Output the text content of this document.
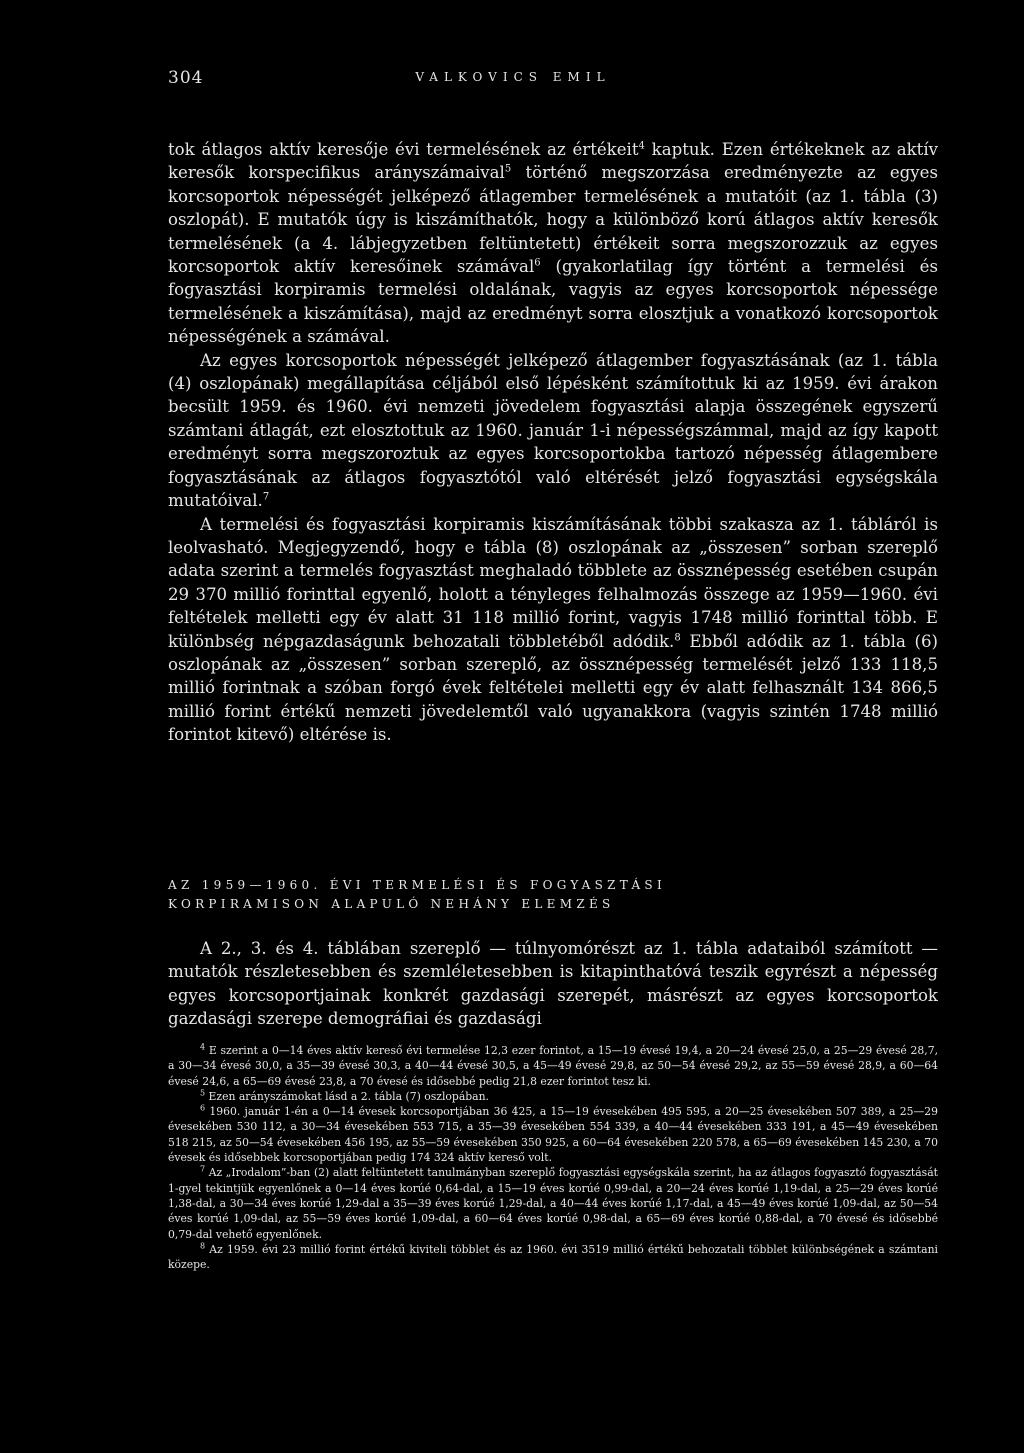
304	VALKOVICS EMIL

tok átlagos aktív keresője évi termelésének az értékeit$^4$ kaptuk. Ezen értékeknek az aktív keresők korspecifikus arányszámaival$^5$ történő megszorzása eredményezte az egyes korcsoportok népességét jelképező átlagember termelésének a mutatóit (az 1. tábla (3) oszlopát). E mutatók úgy is kiszámíthatók, hogy a különböző korú átlagos aktív keresők termelésének (a 4. lábjegyzetben feltüntetett) értékeit sorra megszorozzuk az egyes korcsoportok aktív keresőinek számával$^6$ (gyakorlatilag így történt a termelési és fogyasztási korpiramis termelési oldalának, vagyis az egyes korcsoportok népessége termelésének a kiszámítása), majd az eredményt sorra elosztjuk a vonatkozó korcsoportok népességének a számával.

Az egyes korcsoportok népességét jelképező átlagember fogyasztásának (az 1. tábla (4) oszlopának) megállapítása céljából első lépésként számítottuk ki az 1959. évi árakon becsült 1959. és 1960. évi nemzeti jövedelem fogyasztási alapja összegének egyszerű számtani átlagát, ezt elosztottuk az 1960. január 1-i népességszámmal, majd az így kapott eredményt sorra megszoroztuk az egyes korcsoportokba tartozó népesség átlagembere fogyasztásának az átlagos fogyasztótól való eltérését jelző fogyasztási egységskála mutatóival.$^7$

A termelési és fogyasztási korpiramis kiszámításának többi szakasza az 1. tábláról is leolvasható. Megjegyzendő, hogy e tábla (8) oszlopának az „összesen” sorban szereplő adata szerint a termelés fogyasztást meghaladó többlete az össznépesség esetében csupán 29 370 millió forinttal egyenlő, holott a tényleges felhalmozás összege az 1959—1960. évi feltételek melletti egy év alatt 31 118 millió forint, vagyis 1748 millió forinttal több. E különbség népgazdaságunk behozatali többletéből adódik.$^8$ Ebből adódik az 1. tábla (6) oszlopának az „összesen” sorban szereplő, az össznépesség termelését jelző 133 118,5 millió forintnak a szóban forgó évek feltételei melletti egy év alatt felhasznált 134 866,5 millió forint értékű nemzeti jövedelemtől való ugyanakkora (vagyis szintén 1748 millió forintot kitevő) eltérése is.

AZ 1959—1960. ÉVI TERMELÉSI ÉS FOGYASZTÁSI
KORPIRAMISON ALAPULÓ NEHÁNY ELEMZÉS

A 2., 3. és 4. táblában szereplő — túlnyomórészt az 1. tábla adataiból számított — mutatók részletesebben és szemléletesebben is kitapinthatóvá teszik egyrészt a népesség egyes korcsoportjainak konkrét gazdasági szerepét, másrészt az egyes korcsoportok gazdasági szerepe demográfiai és gazdasági

$^4$ E szerint a 0—14 éves aktív kereső évi termelése 12,3 ezer forintot, a 15—19 évesé 19,4, a 20—24 évesé 25,0, a 25—29 évesé 28,7, a 30—34 évesé 30,0, a 35—39 évesé 30,3, a 40—44 évesé 30,5, a 45—49 évesé 29,8, az 50—54 évesé 29,2, az 55—59 évesé 28,9, a 60—64 évesé 24,6, a 65—69 évesé 23,8, a 70 évesé és idősebbé pedig 21,8 ezer forintot tesz ki.

$^5$ Ezen arányszámokat lásd a 2. tábla (7) oszlopában.

$^6$ 1960. január 1-én a 0—14 évesek korcsoportjában 36 425, a 15—19 évesekében 495 595, a 20—25 évesekében 507 389, a 25—29 évesekében 530 112, a 30—34 évesekében 553 715, a 35—39 évesekében 554 339, a 40—44 évesekében 333 191, a 45—49 évesekében 518 215, az 50—54 évesekében 456 195, az 55—59 évesekében 350 925, a 60—64 évesekében 220 578, a 65—69 évesekében 145 230, a 70 évesek és idősebbek korcsoportjában pedig 174 324 aktív kereső volt.

$^7$ Az „Irodalom”-ban (2) alatt feltüntetett tanulmányban szereplő fogyasztási egységskála szerint, ha az átlagos fogyasztó fogyasztását 1-gyel tekintjük egyenlőnek a 0—14 éves korúé 0,64-dal, a 15—19 éves korúé 0,99-dal, a 20—24 éves korúé 1,19-dal, a 25—29 éves korúé 1,38-dal, a 30—34 éves korúé 1,29-dal a 35—39 éves korúé 1,29-dal, a 40—44 éves korúé 1,17-dal, a 45—49 éves korúé 1,09-dal, az 50—54 éves korúé 1,09-dal, az 55—59 éves korúé 1,09-dal, a 60—64 éves korúé 0,98-dal, a 65—69 éves korúé 0,88-dal, a 70 évesé és idősebbé 0,79-dal vehető egyenlőnek.

$^8$ Az 1959. évi 23 millió forint értékű kiviteli többlet és az 1960. évi 3519 millió értékű behozatali többlet különbségének a számtani közepe.
